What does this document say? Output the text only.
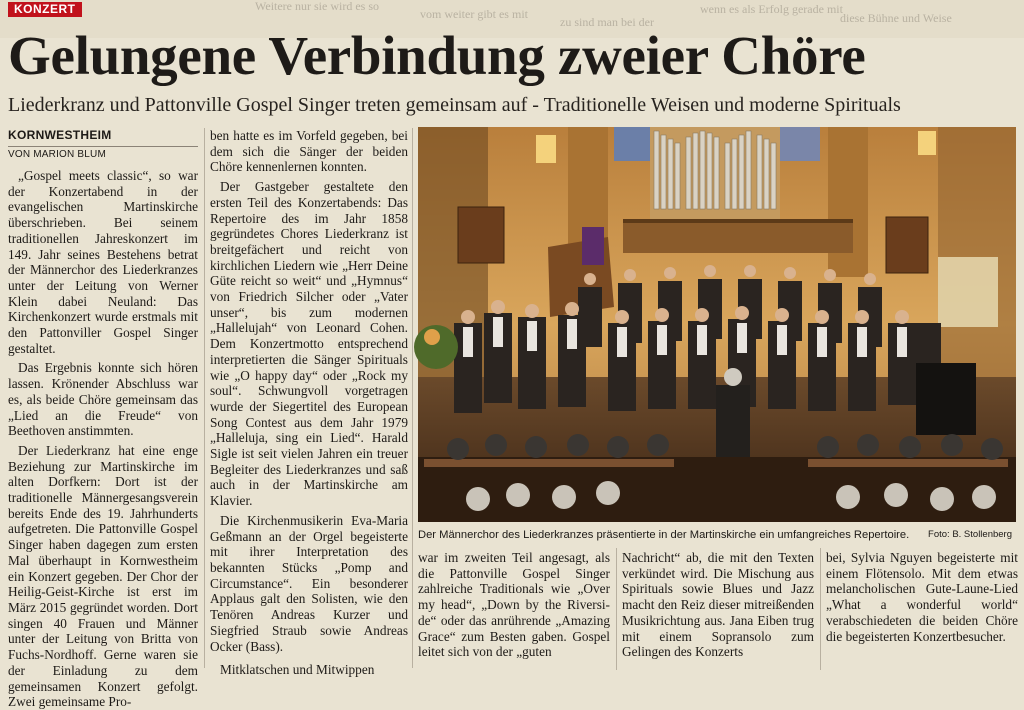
Weitere nur sie wird es so
vom weiter gibt es mit
zu sind man bei der
wenn es als Erfolg gerade mit
diese Bühne und Weise
KONZERT
Gelungene Verbindung zweier Chöre

Liederkranz und Pattonville Gospel Singer treten gemeinsam auf - Traditionelle Weisen und moderne Spirituals

KORNWESTHEIM

VON MARION BLUM

„Gospel meets classic“, so war der Konzertabend in der evangelischen Martinskirche überschrieben. Bei seinem traditionellen Jahreskonzert im 149. Jahr seines Bestehens betrat der Männerchor des Liederkranzes unter der Leitung von Werner Klein dabei Neuland: Das Kirchenkonzert wurde erstmals mit den Pattonviller Gospel Singer gestaltet.

Das Ergebnis konnte sich hören lassen. Krönender Abschluss war es, als beide Chöre gemeinsam das „Lied an die Freude“ von Beethoven anstimmten.

Der Liederkranz hat eine enge Beziehung zur Martinskirche im alten Dorfkern: Dort ist der traditionelle Männergesangsverein bereits Ende des 19. Jahrhunderts aufgetreten. Die Pattonville Gospel Singer haben dagegen zum ersten Mal überhaupt in Kornwestheim ein Konzert gegeben. Der Chor der Heilig-Geist-Kirche ist erst im März 2015 gegründet worden. Dort singen 40 Frauen und Männer unter der Leitung von Britta von Fuchs-Nordhoff. Gerne waren sie der Einladung zu dem gemeinsamen Konzert gefolgt. Zwei gemeinsame Pro-

ben hatte es im Vorfeld gegeben, bei dem sich die Sänger der beiden Chöre kennenlernen konnten.

Der Gastgeber gestaltete den ersten Teil des Konzertabends: Das Repertoire des im Jahr 1858 gegründetes Chores Liederkranz ist breitgefächert und reicht von kirchlichen Liedern wie „Herr Deine Güte reicht so weit“ und „Hymnus“ von Friedrich Silcher oder „Vater unser“, bis zum modernen „Hallelujah“ von Leonard Cohen. Dem Konzertmotto entsprechend interpretierten die Sänger Spirituals wie „O happy day“ oder „Rock my soul“. Schwungvoll vorgetragen wurde der Siegertitel des European Song Contest aus dem Jahr 1979 „Halleluja, sing ein Lied“. Harald Sigle ist seit vielen Jahren ein treuer Begleiter des Liederkranzes und saß auch in der Martinskirche am Klavier.

Die Kirchenmusikerin Eva-Maria Geßmann an der Orgel begeisterte mit ihrer Interpretation des bekannten Stücks „Pomp and Circumstance“. Ein besonderer Applaus galt den Solisten, wie den Tenören Andreas Kurzer und Siegfried Straub sowie Andreas Ocker (Bass).

Mitklatschen und Mitwippen

Der Männerchor des Liederkranzes präsentierte in der Martinskirche ein umfangreiches Repertoire. Foto: B. Stollenberg

war im zweiten Teil angesagt, als die Pattonville Gospel Singer zahlreiche Traditionals wie „Over my head“, „Down by the Riversi-de“ oder das anrührende „Amazing Grace“ zum Besten gaben. Gospel leitet sich von der „guten

Nachricht“ ab, die mit den Texten verkündet wird. Die Mischung aus Spirituals sowie Blues und Jazz macht den Reiz dieser mitreißenden Musikrichtung aus. Jana Eiben trug mit einem Sopransolo zum Gelingen des Konzerts

bei, Sylvia Nguyen begeisterte mit einem Flötensolo. Mit dem etwas melancholischen Gute-Laune-Lied „What a wonderful world“ verabschiedeten die beiden Chöre die begeisterten Konzertbesucher.
